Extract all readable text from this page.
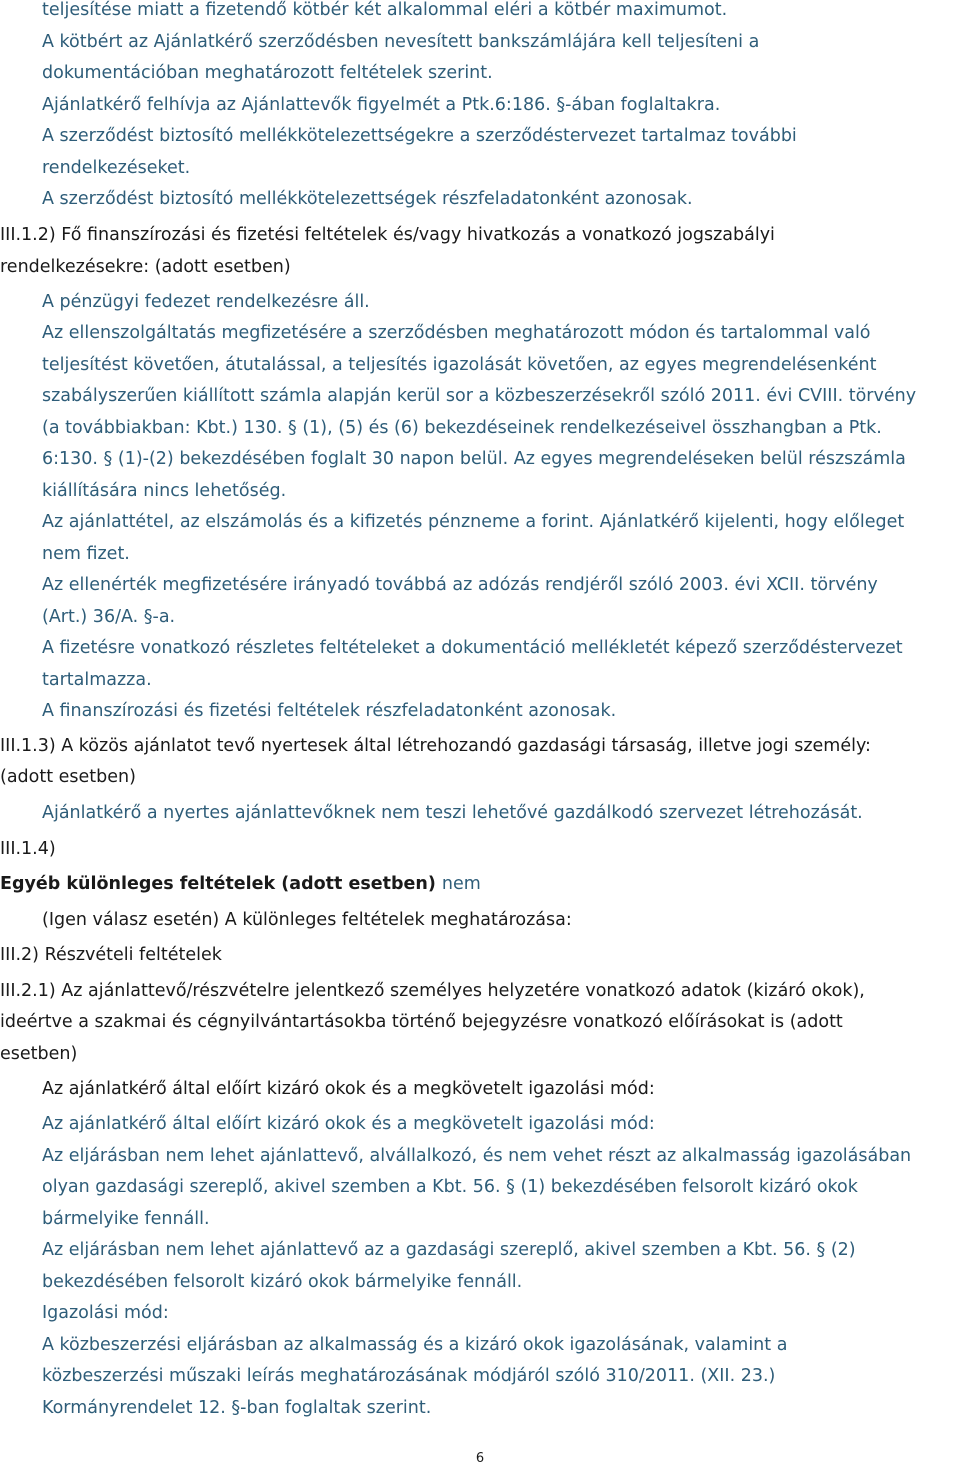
teljesítése miatt a fizetendő kötbér két alkalommal eléri a kötbér maximumot.
A kötbért az Ajánlatkérő szerződésben nevesített bankszámlájára kell teljesíteni a
dokumentációban meghatározott feltételek szerint.
Ajánlatkérő felhívja az Ajánlattevők figyelmét a Ptk.6:186. §-ában foglaltakra.
A szerződést biztosító mellékkötelezettségekre a szerződéstervezet tartalmaz további
rendelkezéseket.
A szerződést biztosító mellékkötelezettségek részfeladatonként azonosak.
III.1.2) Fő finanszírozási és fizetési feltételek és/vagy hivatkozás a vonatkozó jogszabályi
rendelkezésekre: (adott esetben)
A pénzügyi fedezet rendelkezésre áll.
Az ellenszolgáltatás megfizetésére a szerződésben meghatározott módon és tartalommal való
teljesítést követően, átutalással, a teljesítés igazolását követően, az egyes megrendelésenként
szabályszerűen kiállított számla alapján kerül sor a közbeszerzésekről szóló 2011. évi CVIII. törvény
(a továbbiakban: Kbt.) 130. § (1), (5) és (6) bekezdéseinek rendelkezéseivel összhangban a Ptk.
6:130. § (1)-(2) bekezdésében foglalt 30 napon belül. Az egyes megrendeléseken belül részszámla
kiállítására nincs lehetőség.
Az ajánlattétel, az elszámolás és a kifizetés pénzneme a forint. Ajánlatkérő kijelenti, hogy előleget
nem fizet.
Az ellenérték megfizetésére irányadó továbbá az adózás rendjéről szóló 2003. évi XCII. törvény
(Art.) 36/A. §-a.
A fizetésre vonatkozó részletes feltételeket a dokumentáció mellékletét képező szerződéstervezet
tartalmazza.
A finanszírozási és fizetési feltételek részfeladatonként azonosak.
III.1.3) A közös ajánlatot tevő nyertesek által létrehozandó gazdasági társaság, illetve jogi személy:
(adott esetben)
Ajánlatkérő a nyertes ajánlattevőknek nem teszi lehetővé gazdálkodó szervezet létrehozását.
III.1.4)
Egyéb különleges feltételek (adott esetben) nem
(Igen válasz esetén) A különleges feltételek meghatározása:
III.2) Részvételi feltételek
III.2.1) Az ajánlattevő/részvételre jelentkező személyes helyzetére vonatkozó adatok (kizáró okok),
ideértve a szakmai és cégnyilvántartásokba történő bejegyzésre vonatkozó előírásokat is (adott
esetben)
Az ajánlatkérő által előírt kizáró okok és a megkövetelt igazolási mód:
Az ajánlatkérő által előírt kizáró okok és a megkövetelt igazolási mód:
Az eljárásban nem lehet ajánlattevő, alvállalkozó, és nem vehet részt az alkalmasság igazolásában
olyan gazdasági szereplő, akivel szemben a Kbt. 56. § (1) bekezdésében felsorolt kizáró okok
bármelyike fennáll.
Az eljárásban nem lehet ajánlattevő az a gazdasági szereplő, akivel szemben a Kbt. 56. § (2)
bekezdésében felsorolt kizáró okok bármelyike fennáll.
Igazolási mód:
A közbeszerzési eljárásban az alkalmasság és a kizáró okok igazolásának, valamint a
közbeszerzési műszaki leírás meghatározásának módjáról szóló 310/2011. (XII. 23.)
Kormányrendelet 12. §-ban foglaltak szerint.
6
